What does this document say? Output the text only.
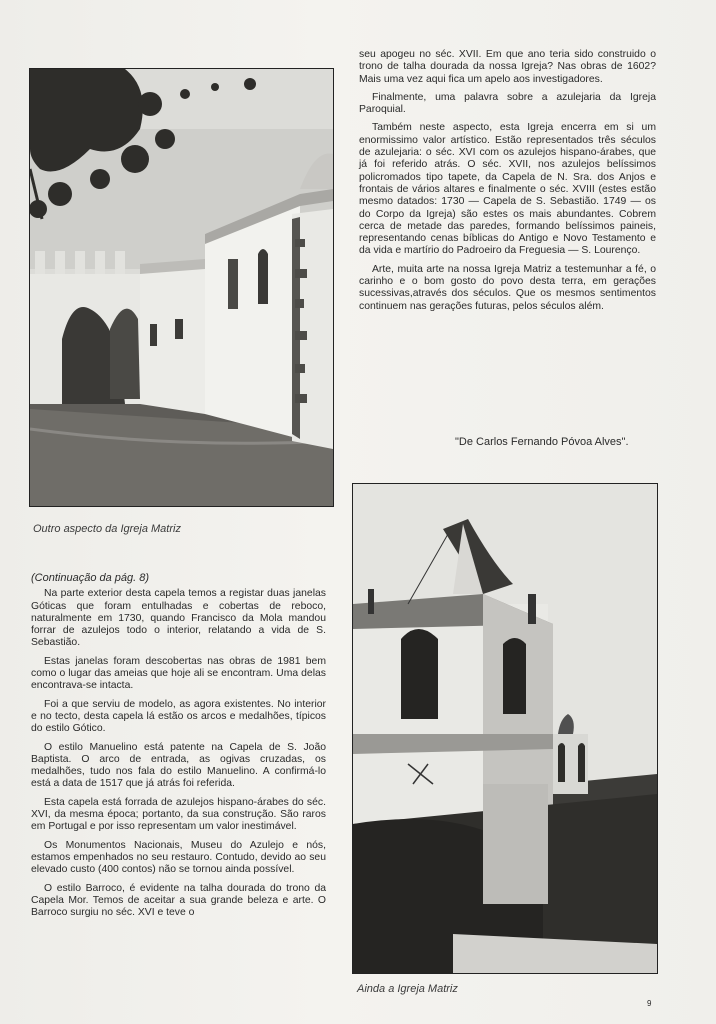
Outro aspecto da Igreja Matriz
(Continuação da pág. 8)

Na parte exterior desta capela temos a registar duas janelas Góticas que foram entulhadas e cobertas de reboco, naturalmente em 1730, quando Francisco da Mola mandou forrar de azulejos todo o interior, relatando a vida de S. Sebastião.

Estas janelas foram descobertas nas obras de 1981 bem como o lugar das ameias que hoje ali se encontram. Uma delas encontrava-se intacta.

Foi a que serviu de modelo, as agora existentes. No interior e no tecto, desta capela lá estão os arcos e medalhões, típicos do estilo Gótico.

O estilo Manuelino está patente na Capela de S. João Baptista. O arco de entrada, as ogivas cruzadas, os medalhões, tudo nos fala do estilo Manuelino. A confirmá-lo está a data de 1517 que já atrás foi referida.

Esta capela está forrada de azulejos hispano-árabes do séc. XVI, da mesma época; portanto, da sua construção. São raros em Portugal e por isso representam um valor inestimável.

Os Monumentos Nacionais, Museu do Azulejo e nós, estamos empenhados no seu restauro. Contudo, devido ao seu elevado custo (400 contos) não se tornou ainda possível.

O estilo Barroco, é evidente na talha dourada do trono da Capela Mor. Temos de aceitar a sua grande beleza e arte. O Barroco surgiu no séc. XVI e teve o

seu apogeu no séc. XVII. Em que ano teria sido construido o trono de talha dourada da nossa Igreja? Nas obras de 1602? Mais uma vez aqui fica um apelo aos investigadores.

Finalmente, uma palavra sobre a azulejaria da Igreja Paroquial.

Também neste aspecto, esta Igreja encerra em si um enormissimo valor artístico. Estão representados três séculos de azulejaria: o séc. XVI com os azulejos hispano-árabes, que já foi referido atrás. O séc. XVII, nos azulejos belíssimos policromados tipo tapete, da Capela de N. Sra. dos Anjos e frontais de vários altares e finalmente o séc. XVIII (estes estão mesmo datados: 1730 — Capela de S. Sebastião. 1749 — os do Corpo da Igreja) são estes os mais abundantes. Cobrem cerca de metade das paredes, formando belíssimos paineis, representando cenas bíblicas do Antigo e Novo Testamento e da vida e martírio do Padroeiro da Freguesia — S. Lourenço.

Arte, muita arte na nossa Igreja Matriz a testemunhar a fé, o carinho e o bom gosto do povo desta terra, em gerações sucessivas,através dos séculos. Que os mesmos sentimentos continuem nas gerações futuras, pelos séculos além.

"De Carlos Fernando Póvoa Alves".
Ainda a Igreja Matriz
9
